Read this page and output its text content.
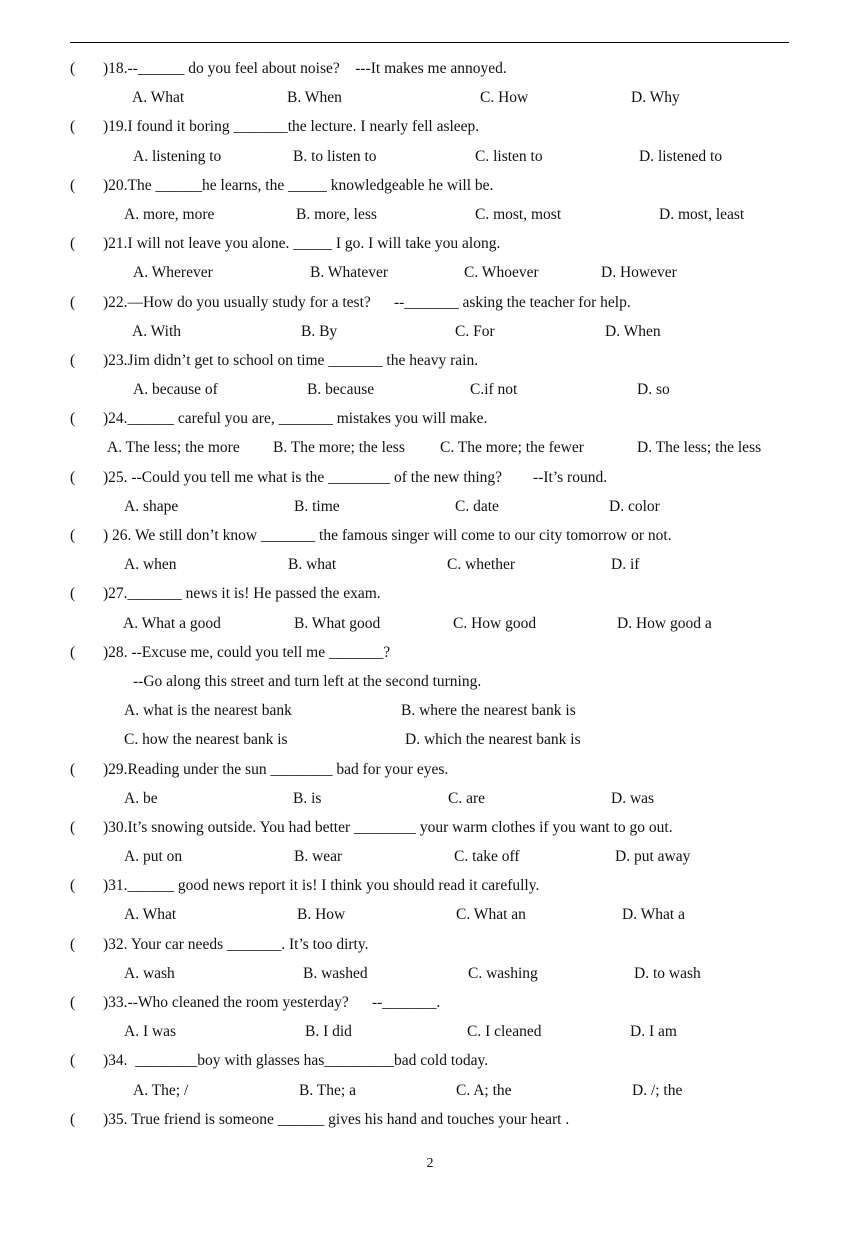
(

)18.--______ do you feel about noise?    ---It makes me annoyed.

A. What

	B. When

	C. How

	D. Why

(

)19.I found it boring _______the lecture. I nearly fell asleep.

A. listening to

	B. to listen to

	C. listen to

	D. listened to

(

)20.The ______he learns, the _____ knowledgeable he will be.

A. more, more

	B. more, less

	C. most, most

	D. most, least

(

)21.I will not leave you alone. _____ I go. I will take you along.

A. Wherever

	B. Whatever

	C. Whoever

	D. However

(

)22.—How do you usually study for a test?      --_______ asking the teacher for help.

A. With

	B. By

	C. For

	D. When

(

)23.Jim didn’t get to school on time _______ the heavy rain.

A. because of

	B. because

	C.if not

	D. so

(

)24.______ careful you are, _______ mistakes you will make.

A. The less; the more

B. The more; the less

C. The more; the fewer

	D. The less; the less

(

)25. --Could you tell me what is the ________ of the new thing?        --It’s round.

A. shape

	B. time

	C. date

	D. color

(

) 26. We still don’t know _______ the famous singer will come to our city tomorrow or not.

A. when

	B. what

	C. whether

	D. if

(

)27._______ news it is! He passed the exam.

A. What a good

	B. What good

	C. How good

	D. How good a

(

)28. --Excuse me, could you tell me _______?

--Go along this street and turn left at the second turning.

A. what is the nearest bank

	B. where the nearest bank is

C. how the nearest bank is

	D. which the nearest bank is

(

)29.Reading under the sun ________ bad for your eyes.

A. be

	B. is

	C. are

	D. was

(

)30.It’s snowing outside. You had better ________ your warm clothes if you want to go out.

A. put on

	B. wear

	C. take off

	D. put away

(

)31.______ good news report it is! I think you should read it carefully.

A. What

	B. How

	C. What an

	D. What a

(

)32. Your car needs _______. It’s too dirty.

A. wash

	B. washed

	C. washing

	D. to wash

(

)33.--Who cleaned the room yesterday?      --_______.

A. I was

	B. I did

	C. I cleaned

	D. I am

(

)34.  ________boy with glasses has_________bad cold today.

A. The; /

	B. The; a

	C. A; the

	D. /; the

(

)35. True friend is someone ______ gives his hand and touches your heart .

2
